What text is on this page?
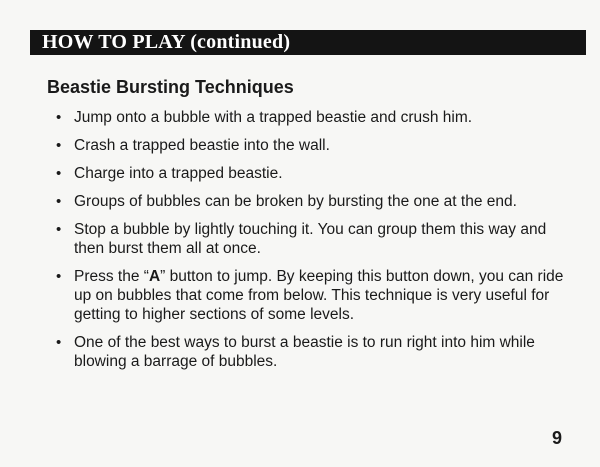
HOW TO PLAY (continued)
Beastie Bursting Techniques
• Jump onto a bubble with a trapped beastie and crush him.
• Crash a trapped beastie into the wall.
• Charge into a trapped beastie.
• Groups of bubbles can be broken by bursting the one at the end.
• Stop a bubble by lightly touching it. You can group them this way and then burst them all at once.
• Press the “A” button to jump. By keeping this button down, you can ride up on bubbles that come from below. This technique is very useful for getting to higher sections of some levels.
• One of the best ways to burst a beastie is to run right into him while blowing a barrage of bubbles.
9
